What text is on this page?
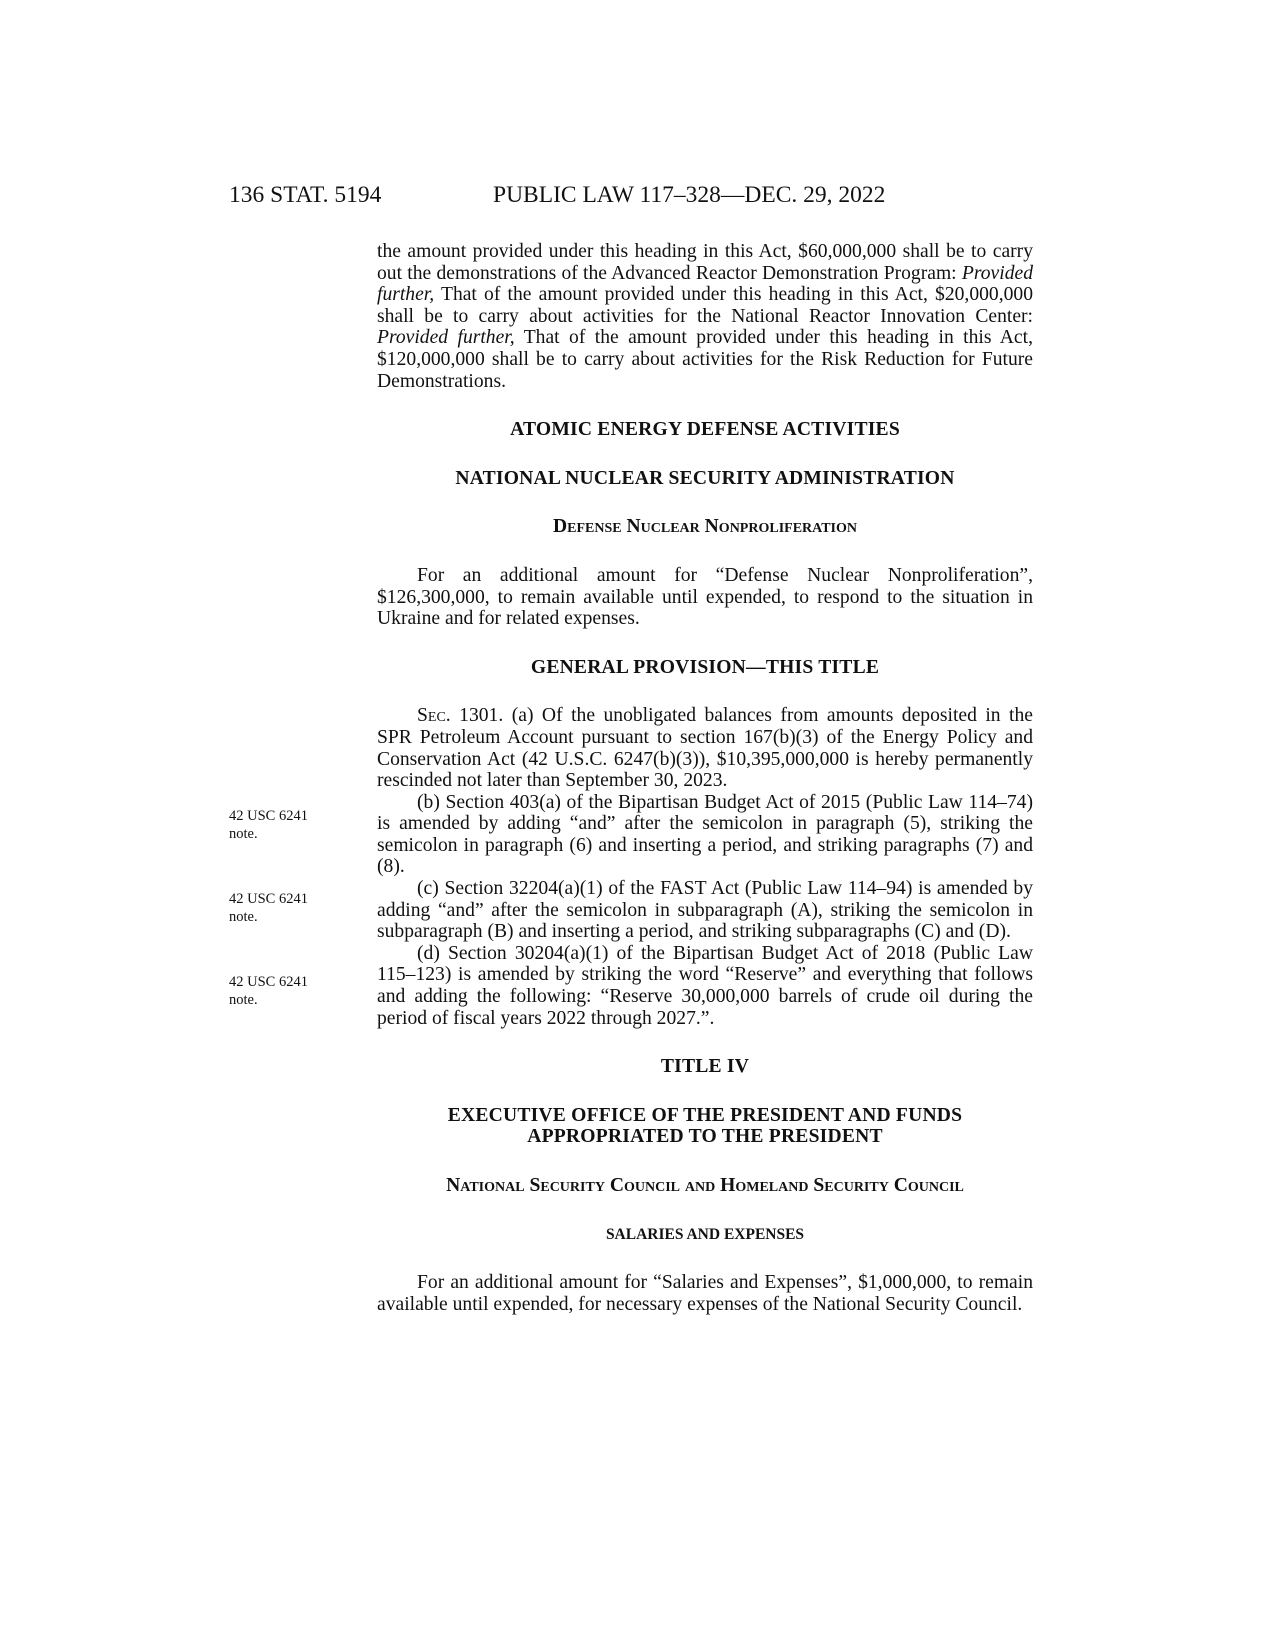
136 STAT. 5194	PUBLIC LAW 117–328—DEC. 29, 2022

the amount provided under this heading in this Act, $60,000,000 shall be to carry out the demonstrations of the Advanced Reactor Demonstration Program: Provided further, That of the amount provided under this heading in this Act, $20,000,000 shall be to carry about activities for the National Reactor Innovation Center: Provided further, That of the amount provided under this heading in this Act, $120,000,000 shall be to carry about activities for the Risk Reduction for Future Demonstrations.

ATOMIC ENERGY DEFENSE ACTIVITIES
NATIONAL NUCLEAR SECURITY ADMINISTRATION
Defense Nuclear Nonproliferation

For an additional amount for “Defense Nuclear Nonproliferation”, $126,300,000, to remain available until expended, to respond to the situation in Ukraine and for related expenses.

GENERAL PROVISION—THIS TITLE

Sec. 1301. (a) Of the unobligated balances from amounts deposited in the SPR Petroleum Account pursuant to section 167(b)(3) of the Energy Policy and Conservation Act (42 U.S.C. 6247(b)(3)), $10,395,000,000 is hereby permanently rescinded not later than September 30, 2023.

(b) Section 403(a) of the Bipartisan Budget Act of 2015 (Public Law 114–74) is amended by adding “and” after the semicolon in paragraph (5), striking the semicolon in paragraph (6) and inserting a period, and striking paragraphs (7) and (8).

(c) Section 32204(a)(1) of the FAST Act (Public Law 114–94) is amended by adding “and” after the semicolon in subparagraph (A), striking the semicolon in subparagraph (B) and inserting a period, and striking subparagraphs (C) and (D).

(d) Section 30204(a)(1) of the Bipartisan Budget Act of 2018 (Public Law 115–123) is amended by striking the word “Reserve” and everything that follows and adding the following: “Reserve 30,000,000 barrels of crude oil during the period of fiscal years 2022 through 2027.”.

TITLE IV
EXECUTIVE OFFICE OF THE PRESIDENT AND FUNDS
APPROPRIATED TO THE PRESIDENT
National Security Council and Homeland Security Council
SALARIES AND EXPENSES

For an additional amount for “Salaries and Expenses”, $1,000,000, to remain available until expended, for necessary expenses of the National Security Council.

42 USC 6241
note.
42 USC 6241
note.
42 USC 6241
note.
